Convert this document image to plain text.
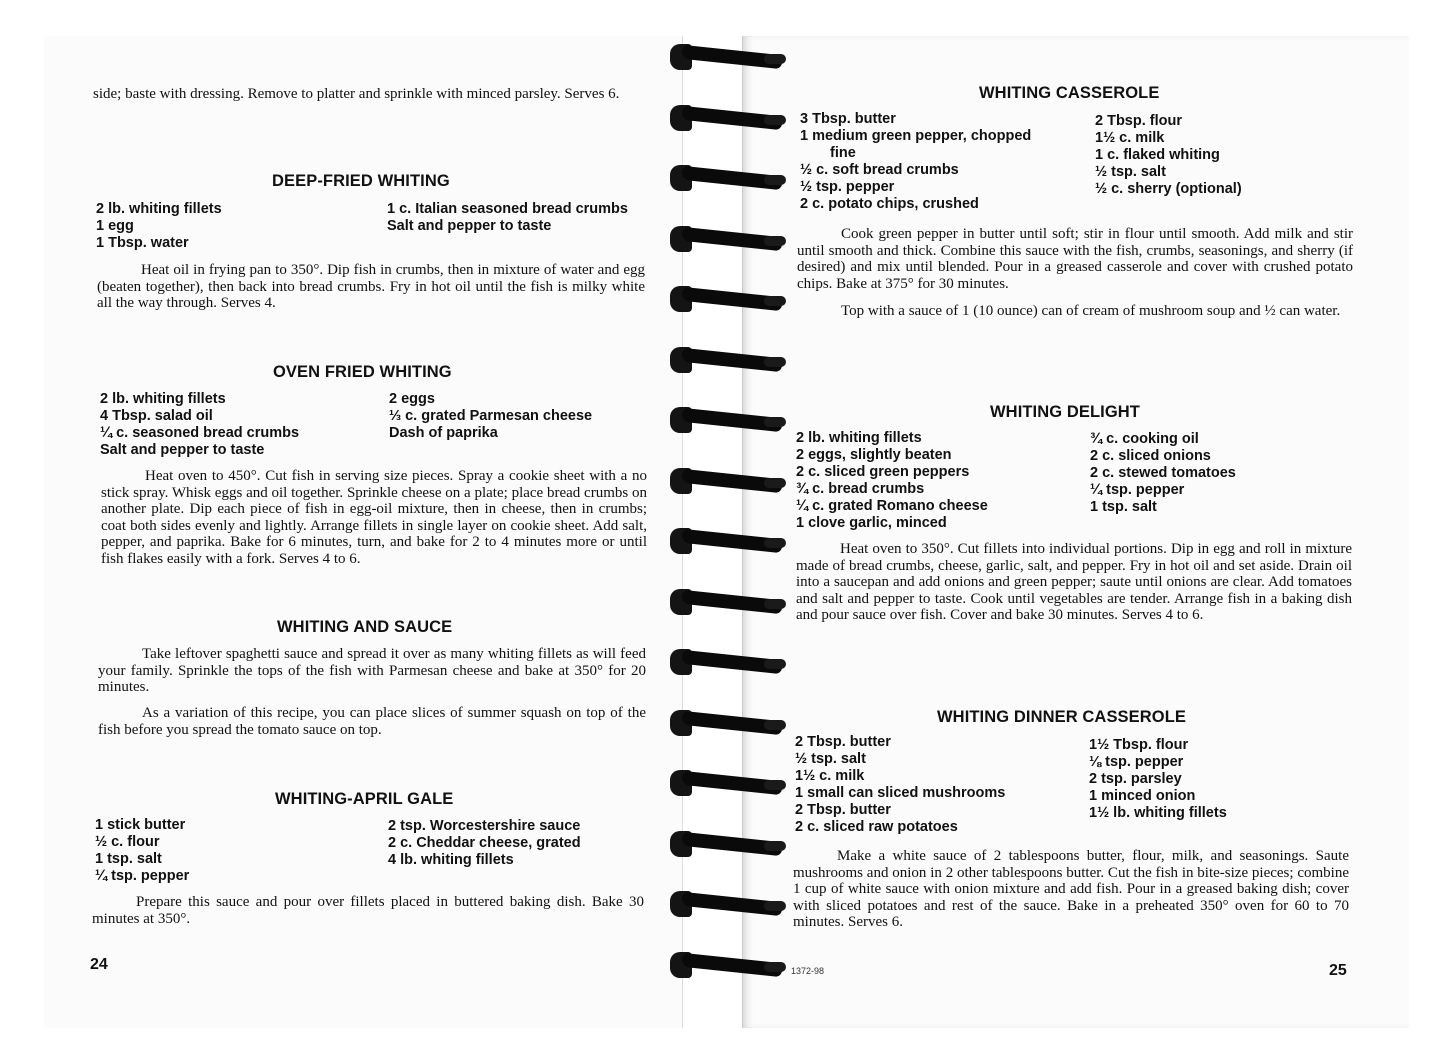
side; baste with dressing. Remove to platter and sprinkle with minced parsley. Serves 6.
DEEP-FRIED WHITING
2 lb. whiting fillets
1 egg
1 Tbsp. water
1 c. Italian seasoned bread crumbs
Salt and pepper to taste
Heat oil in frying pan to 350°. Dip fish in crumbs, then in mixture of water and egg (beaten together), then back into bread crumbs. Fry in hot oil until the fish is milky white all the way through. Serves 4.
OVEN FRIED WHITING
2 lb. whiting fillets
4 Tbsp. salad oil
¼ c. seasoned bread crumbs
Salt and pepper to taste
2 eggs
⅓ c. grated Parmesan cheese
Dash of paprika
Heat oven to 450°. Cut fish in serving size pieces. Spray a cookie sheet with a no stick spray. Whisk eggs and oil together. Sprinkle cheese on a plate; place bread crumbs on another plate. Dip each piece of fish in egg-oil mixture, then in cheese, then in crumbs; coat both sides evenly and lightly. Arrange fillets in single layer on cookie sheet. Add salt, pepper, and paprika. Bake for 6 minutes, turn, and bake for 2 to 4 minutes more or until fish flakes easily with a fork. Serves 4 to 6.
WHITING AND SAUCE
Take leftover spaghetti sauce and spread it over as many whiting fillets as will feed your family. Sprinkle the tops of the fish with Parmesan cheese and bake at 350° for 20 minutes.
As a variation of this recipe, you can place slices of summer squash on top of the fish before you spread the tomato sauce on top.
WHITING-APRIL GALE
1 stick butter
½ c. flour
1 tsp. salt
¼ tsp. pepper
2 tsp. Worcestershire sauce
2 c. Cheddar cheese, grated
4 lb. whiting fillets
Prepare this sauce and pour over fillets placed in buttered baking dish. Bake 30 minutes at 350°.
24
WHITING CASSEROLE
3 Tbsp. butter
1 medium green pepper, chopped
fine
½ c. soft bread crumbs
½ tsp. pepper
2 c. potato chips, crushed
2 Tbsp. flour
1½ c. milk
1 c. flaked whiting
½ tsp. salt
½ c. sherry (optional)
Cook green pepper in butter until soft; stir in flour until smooth. Add milk and stir until smooth and thick. Combine this sauce with the fish, crumbs, seasonings, and sherry (if desired) and mix until blended. Pour in a greased casserole and cover with crushed potato chips. Bake at 375° for 30 minutes.
Top with a sauce of 1 (10 ounce) can of cream of mushroom soup and ½ can water.
WHITING DELIGHT
2 lb. whiting fillets
2 eggs, slightly beaten
2 c. sliced green peppers
¾ c. bread crumbs
¼ c. grated Romano cheese
1 clove garlic, minced
¾ c. cooking oil
2 c. sliced onions
2 c. stewed tomatoes
¼ tsp. pepper
1 tsp. salt
Heat oven to 350°. Cut fillets into individual portions. Dip in egg and roll in mixture made of bread crumbs, cheese, garlic, salt, and pepper. Fry in hot oil and set aside. Drain oil into a saucepan and add onions and green pepper; saute until onions are clear. Add tomatoes and salt and pepper to taste. Cook until vegetables are tender. Arrange fish in a baking dish and pour sauce over fish. Cover and bake 30 minutes. Serves 4 to 6.
WHITING DINNER CASSEROLE
2 Tbsp. butter
½ tsp. salt
1½ c. milk
1 small can sliced mushrooms
2 Tbsp. butter
2 c. sliced raw potatoes
1½ Tbsp. flour
⅛ tsp. pepper
2 tsp. parsley
1 minced onion
1½ lb. whiting fillets
Make a white sauce of 2 tablespoons butter, flour, milk, and seasonings. Saute mushrooms and onion in 2 other tablespoons butter. Cut the fish in bite-size pieces; combine 1 cup of white sauce with onion mixture and add fish. Pour in a greased baking dish; cover with sliced potatoes and rest of the sauce. Bake in a preheated 350° oven for 60 to 70 minutes. Serves 6.
1372-98	25
